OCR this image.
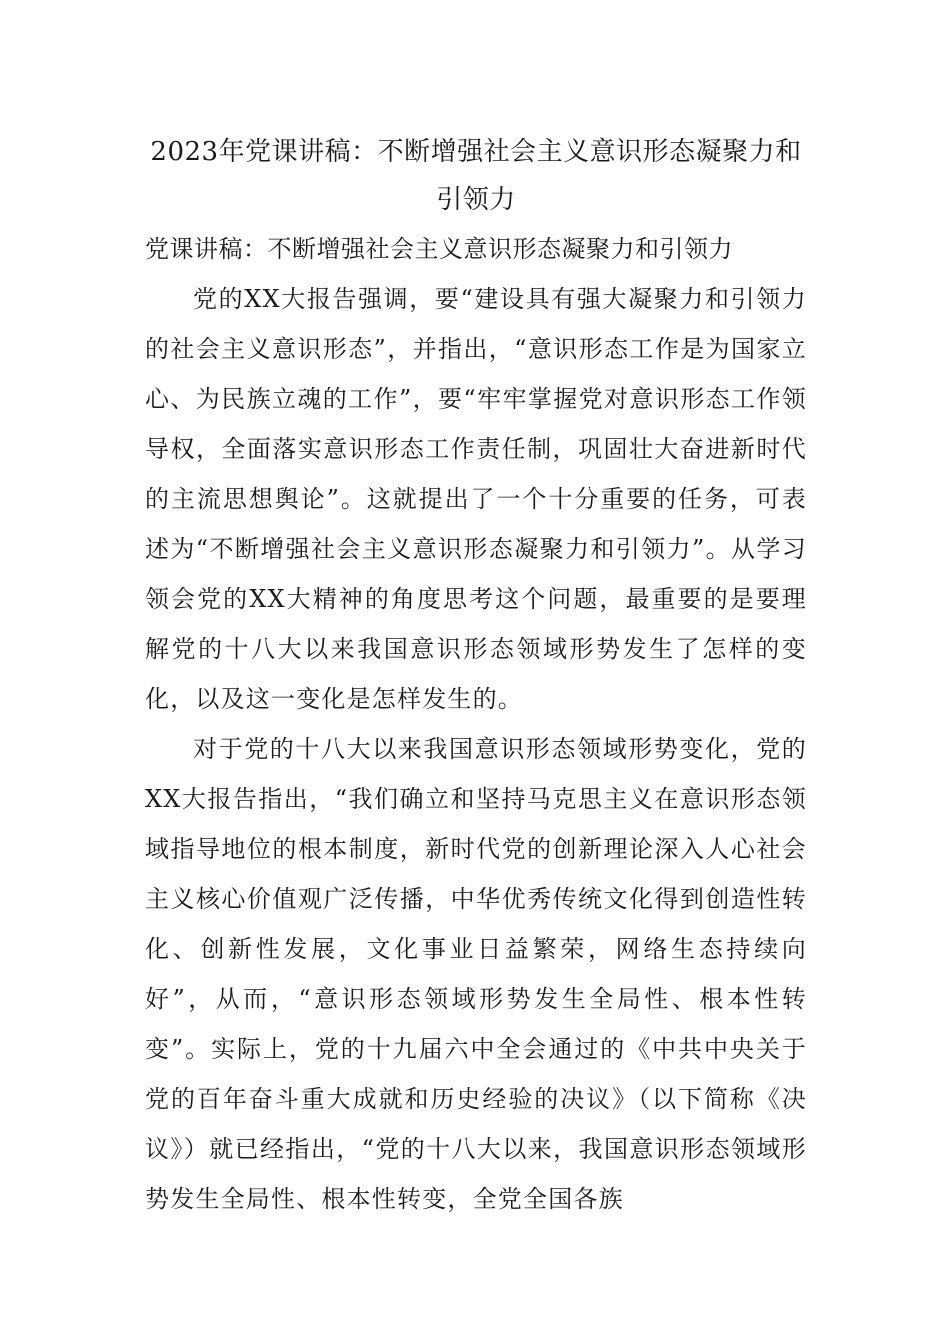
2023年党课讲稿：不断增强社会主义意识形态凝聚力和引领力

党课讲稿：不断增强社会主义意识形态凝聚力和引领力

党的XX大报告强调，要“建设具有强大凝聚力和引领力的社会主义意识形态”，并指出，“意识形态工作是为国家立心、为民族立魂的工作”，要“牢牢掌握党对意识形态工作领导权，全面落实意识形态工作责任制，巩固壮大奋进新时代的主流思想舆论”。这就提出了一个十分重要的任务，可表述为“不断增强社会主义意识形态凝聚力和引领力”。从学习领会党的XX大精神的角度思考这个问题，最重要的是要理解党的十八大以来我国意识形态领域形势发生了怎样的变化，以及这一变化是怎样发生的。

对于党的十八大以来我国意识形态领域形势变化，党的XX大报告指出，“我们确立和坚持马克思主义在意识形态领域指导地位的根本制度，新时代党的创新理论深入人心社会主义核心价值观广泛传播，中华优秀传统文化得到创造性转化、创新性发展，文化事业日益繁荣，网络生态持续向好”，从而，“意识形态领域形势发生全局性、根本性转变”。实际上，党的十九届六中全会通过的《中共中央关于党的百年奋斗重大成就和历史经验的决议》（以下简称《决议》）就已经指出，“党的十八大以来，我国意识形态领域形势发生全局性、根本性转变，全党全国各族
